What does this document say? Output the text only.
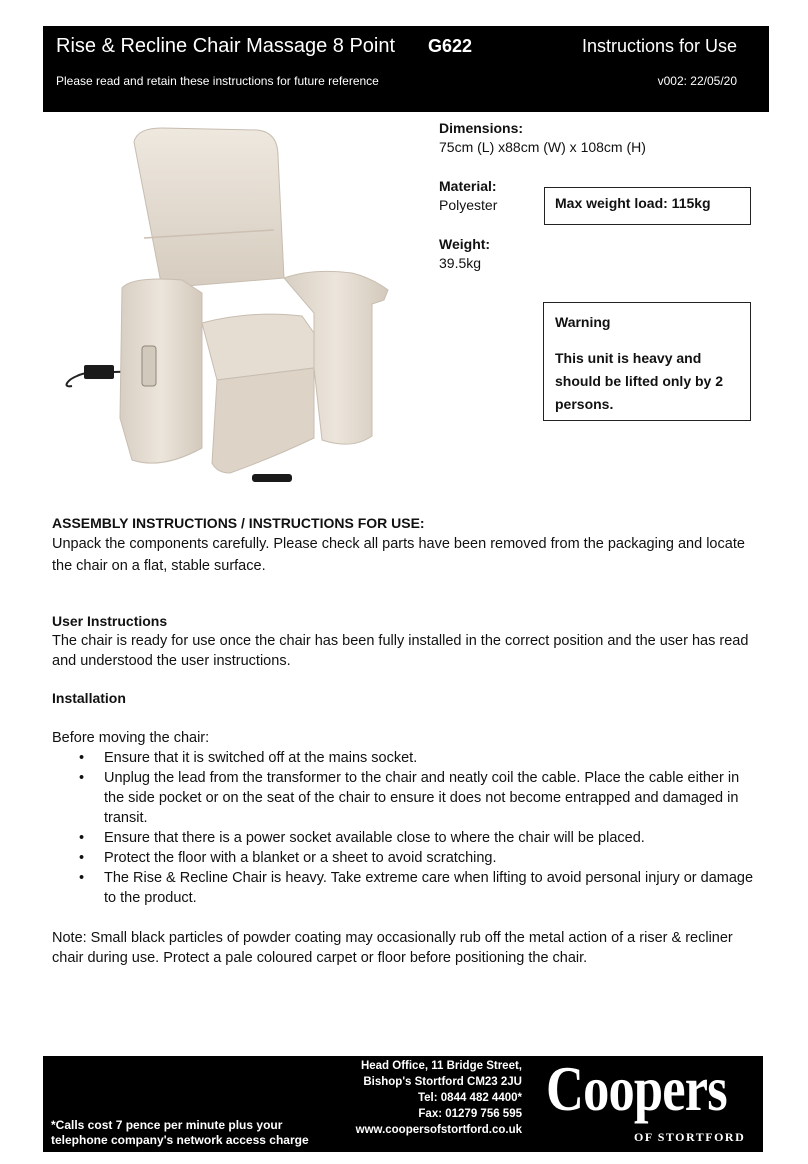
Rise & Recline Chair Massage 8 Point G622	Instructions for Use
Please read and retain these instructions for future reference	v002: 22/05/20
Dimensions:
75cm (L) x88cm (W) x 108cm (H)
Material:
Polyester
Weight:
39.5kg
Max weight load: 115kg
Warning
This unit is heavy and should be lifted only by 2 persons.
ASSEMBLY INSTRUCTIONS / INSTRUCTIONS FOR USE:
Unpack the components carefully. Please check all parts have been removed from the packaging and locate the chair on a flat, stable surface.
User Instructions
The chair is ready for use once the chair has been fully installed in the correct position and the user has read and understood the user instructions.
Installation
Before moving the chair:
• Ensure that it is switched off at the mains socket.
• Unplug the lead from the transformer to the chair and neatly coil the cable. Place the cable either in the side pocket or on the seat of the chair to ensure it does not become entrapped and damaged in transit.
• Ensure that there is a power socket available close to where the chair will be placed.
• Protect the floor with a blanket or a sheet to avoid scratching.
• The Rise & Recline Chair is heavy. Take extreme care when lifting to avoid personal injury or damage to the product.
Note: Small black particles of powder coating may occasionally rub off the metal action of a riser & recliner chair during use. Protect a pale coloured carpet or floor before positioning the chair.
*Calls cost 7 pence per minute plus your
telephone company's network access charge
Head Office, 11 Bridge Street,
Bishop's Stortford CM23 2JU
Tel: 0844 482 4400*
Fax: 01279 756 595
www.coopersofstortford.co.uk
Coopers
OF STORTFORD
